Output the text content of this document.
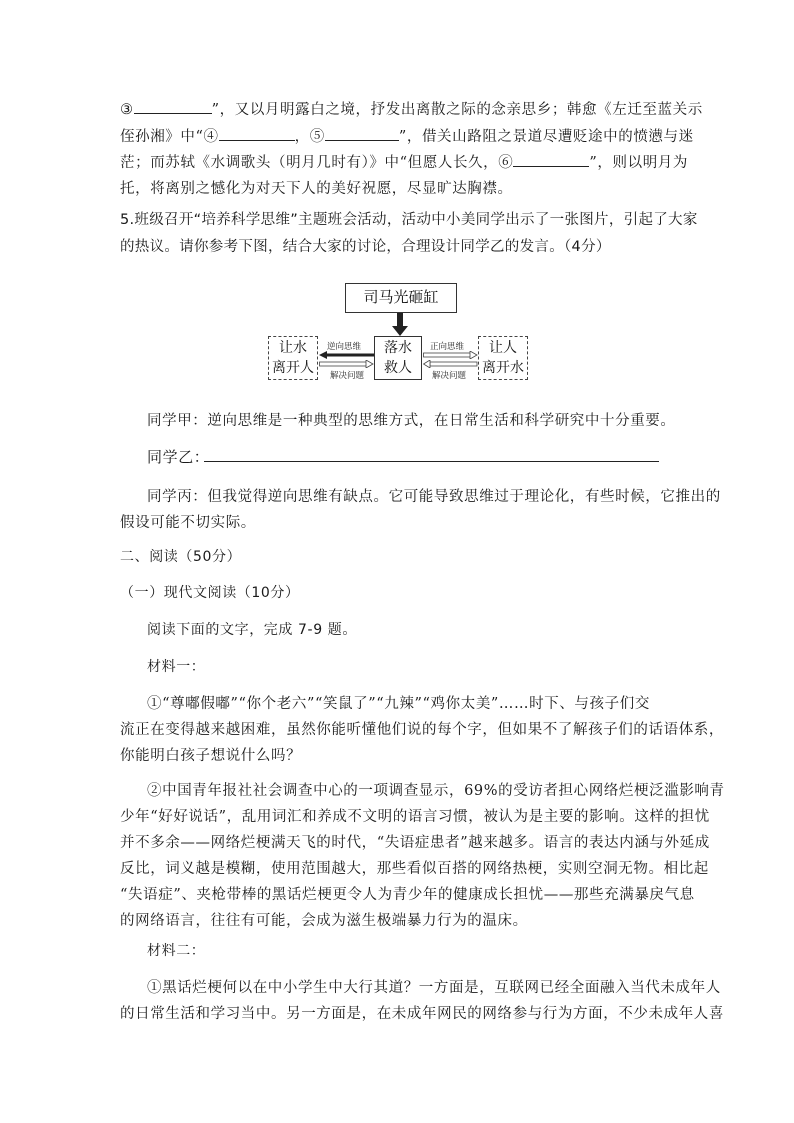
③	”，又以月明露白之境，抒发出离散之际的念亲思乡；韩愈《左迁至蓝关示
侄孙湘》中“④	，⑤	”，借关山路阻之景道尽遭贬途中的愤懑与迷
茫；而苏轼《水调歌头（明月几时有）》中“但愿人长久，⑥	”，则以明月为
托，将离别之憾化为对天下人的美好祝愿，尽显旷达胸襟。
5.班级召开“培养科学思维”主题班会活动，活动中小美同学出示了一张图片，引起了大家
的热议。请你参考下图，结合大家的讨论，合理设计同学乙的发言。（4分）
司马光砸缸
落水
救人
让水
离开人
让人
离开水
逆向思维
解决问题
正向思维
解决问题
同学甲：逆向思维是一种典型的思维方式，在日常生活和科学研究中十分重要。
同学乙：
同学丙：但我觉得逆向思维有缺点。它可能导致思维过于理论化，有些时候，它推出的
假设可能不切实际。
二、阅读（50分）
（一）现代文阅读（10分）
阅读下面的文字，完成 7-9 题。
材料一：
①“尊嘟假嘟”“你个老六”“笑鼠了”“九辣”“鸡你太美”……时下、与孩子们交
流正在变得越来越困难，虽然你能听懂他们说的每个字，但如果不了解孩子们的话语体系，
你能明白孩子想说什么吗？
②中国青年报社社会调查中心的一项调查显示，69%的受访者担心网络烂梗泛滥影响青
少年“好好说话”，乱用词汇和养成不文明的语言习惯，被认为是主要的影响。这样的担忧
并不多余——网络烂梗满天飞的时代，“失语症患者”越来越多。语言的表达内涵与外延成
反比，词义越是模糊，使用范围越大，那些看似百搭的网络热梗，实则空洞无物。相比起
“失语症”、夹枪带棒的黑话烂梗更令人为青少年的健康成长担忧——那些充满暴戾气息
的网络语言，往往有可能，会成为滋生极端暴力行为的温床。
材料二：
①黑话烂梗何以在中小学生中大行其道？一方面是，互联网已经全面融入当代未成年人
的日常生活和学习当中。另一方面是，在未成年网民的网络参与行为方面，不少未成年人喜
